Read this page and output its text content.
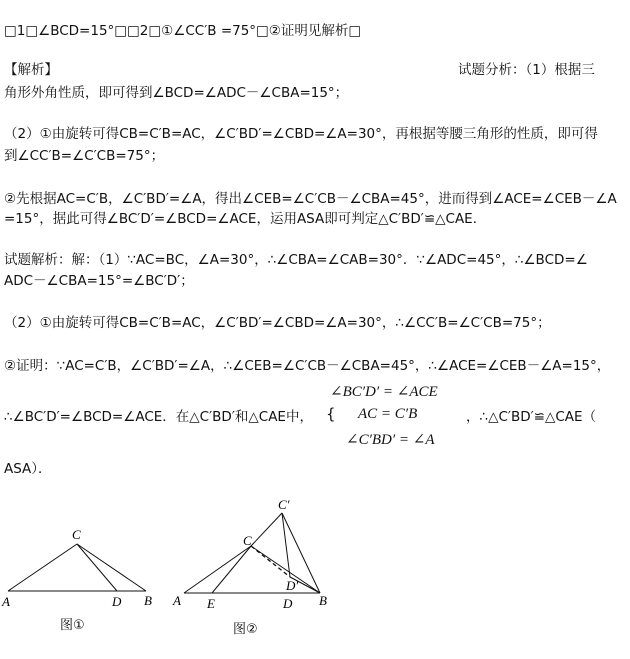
□1□∠BCD=15°□□2□①∠CC′B =75°□②证明见解析□
【解析】	试题分析：（1）根据三
角形外角性质，即可得到∠BCD=∠ADC－∠CBA=15°；
（2）①由旋转可得CB=C′B=AC，∠C′BD′=∠CBD=∠A=30°，再根据等腰三角形的性质，即可得
到∠CC′B=∠C′CB=75°；
②先根据AC=C′B，∠C′BD′=∠A，得出∠CEB=∠C′CB－∠CBA=45°，进而得到∠ACE=∠CEB－∠A
=15°，据此可得∠BC′D′=∠BCD=∠ACE，运用ASA即可判定△C′BD′≌△CAE．
试题解析：解：（1）∵AC=BC，∠A=30°，∴∠CBA=∠CAB=30°．∵∠ADC=45°，∴∠BCD=∠
ADC－∠CBA=15°=∠BC′D′；
（2）①由旋转可得CB=C′B=AC，∠C′BD′=∠CBD=∠A=30°，∴∠CC′B=∠C′CB=75°；
②证明：∵AC=C′B，∠C′BD′=∠A，∴∠CEB=∠C′CB－∠CBA=45°，∴∠ACE=∠CEB－∠A=15°，
∠BC′D′ = ∠ACE
∴∠BC′D′=∠BCD=∠ACE．在△C′BD′和△CAE中， { AC = C′B	，∴△C′BD′≌△CAE（
∠C′BD′ = ∠A
ASA）．
C
A	D B
图①
C′
C
D′
A E	D B
图②
